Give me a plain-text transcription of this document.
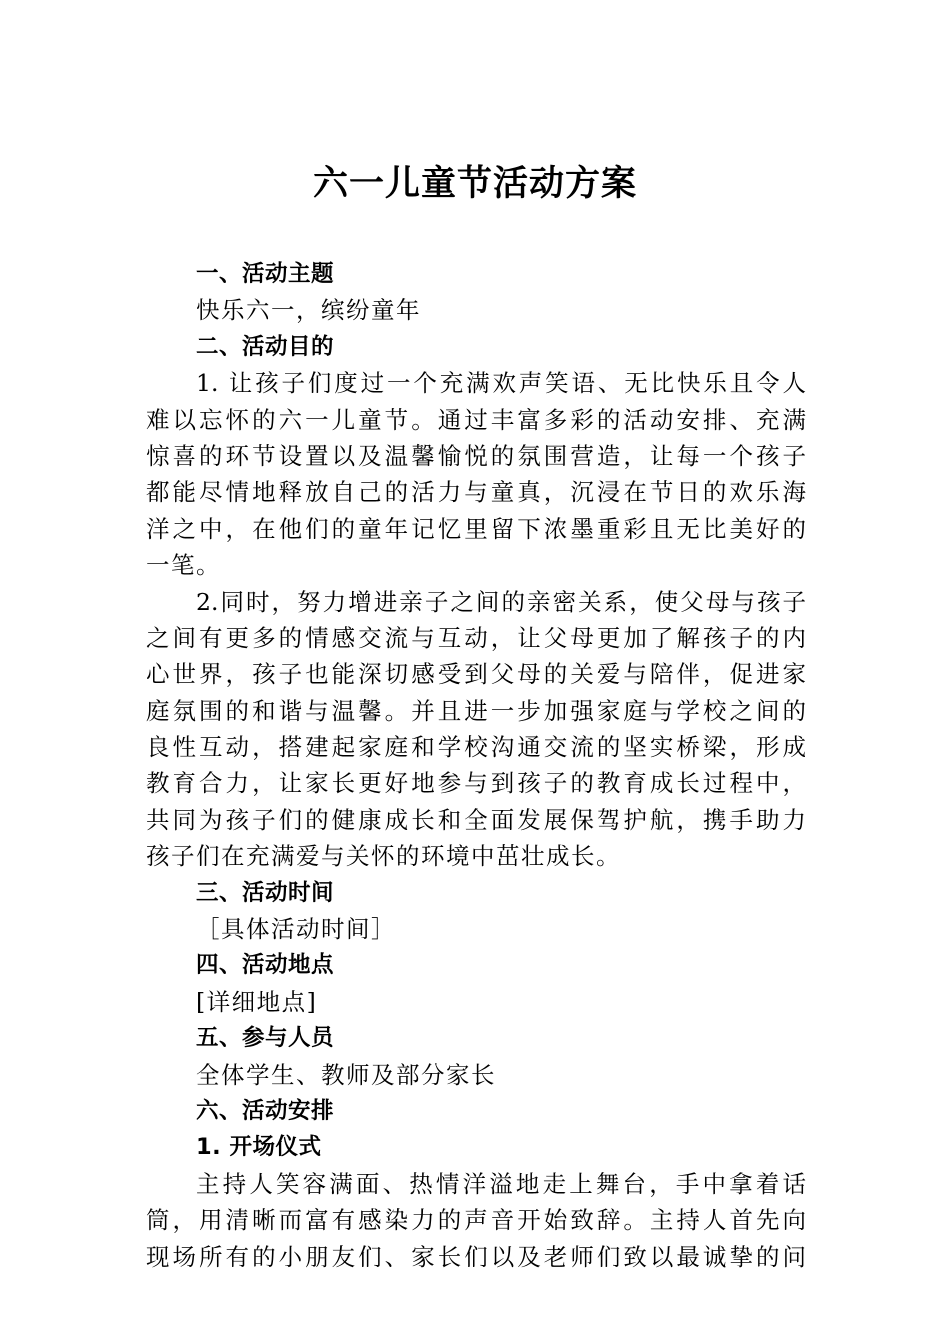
六一儿童节活动方案
一、活动主题
快乐六一，缤纷童年
二、活动目的
1. 让孩子们度过一个充满欢声笑语、无比快乐且令人
难以忘怀的六一儿童节。通过丰富多彩的活动安排、充满
惊喜的环节设置以及温馨愉悦的氛围营造，让每一个孩子
都能尽情地释放自己的活力与童真，沉浸在节日的欢乐海
洋之中，在他们的童年记忆里留下浓墨重彩且无比美好的
一笔。
2.同时，努力增进亲子之间的亲密关系，使父母与孩子
之间有更多的情感交流与互动，让父母更加了解孩子的内
心世界，孩子也能深切感受到父母的关爱与陪伴，促进家
庭氛围的和谐与温馨。并且进一步加强家庭与学校之间的
良性互动，搭建起家庭和学校沟通交流的坚实桥梁，形成
教育合力，让家长更好地参与到孩子的教育成长过程中，
共同为孩子们的健康成长和全面发展保驾护航，携手助力
孩子们在充满爱与关怀的环境中茁壮成长。
三、活动时间
［具体活动时间］
四、活动地点
[详细地点]
五、参与人员
全体学生、教师及部分家长
六、活动安排
1. 开场仪式
主持人笑容满面、热情洋溢地走上舞台，手中拿着话
筒，用清晰而富有感染力的声音开始致辞。主持人首先向
现场所有的小朋友们、家长们以及老师们致以最诚挚的问
